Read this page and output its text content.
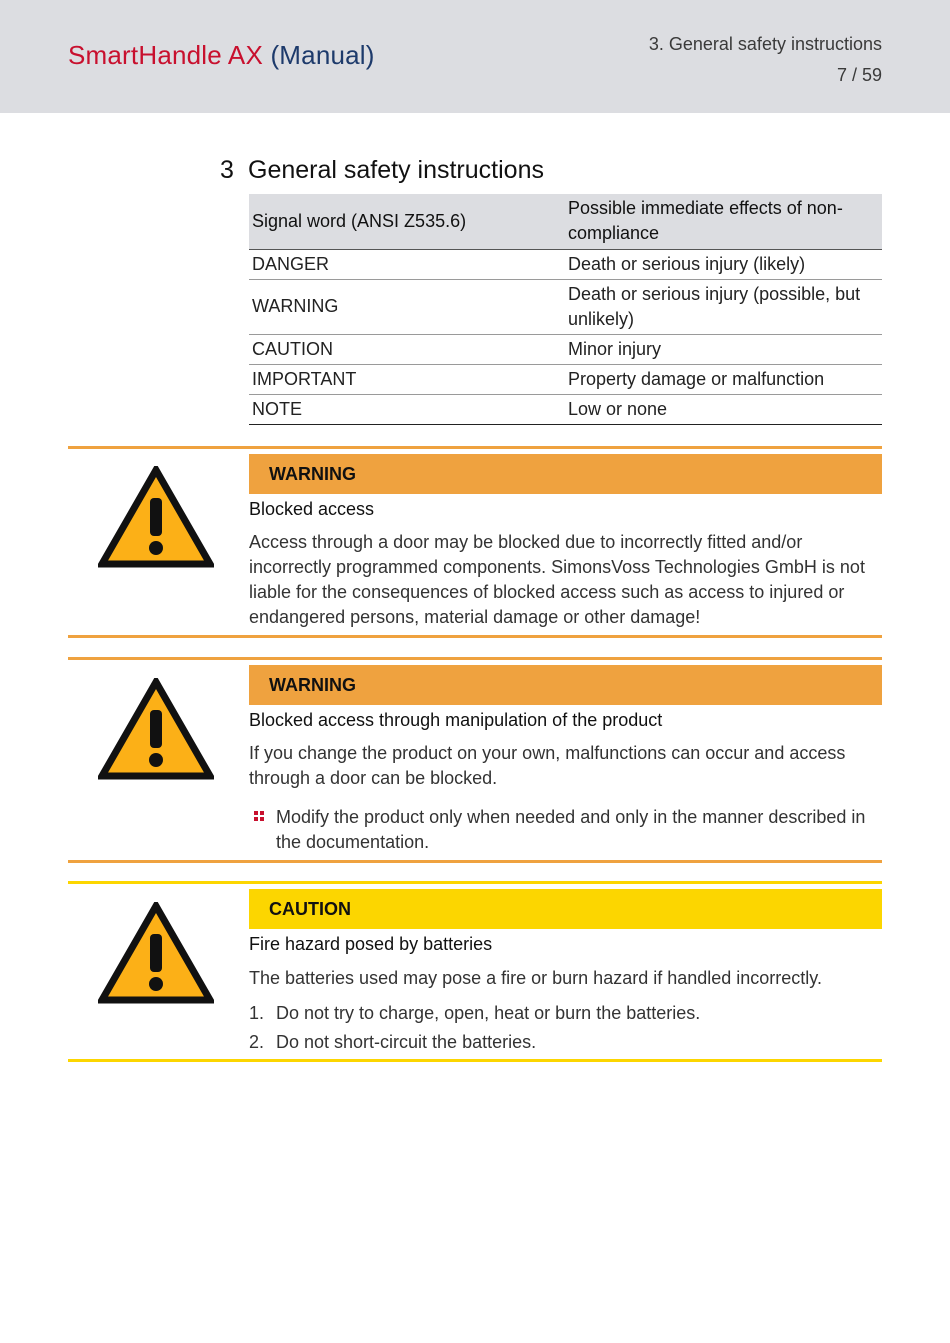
SmartHandle AX (Manual)	3. General safety instructions
7 / 59
3 General safety instructions
Signal word (ANSI Z535.6)	Possible immediate effects of non-compliance
DANGER	Death or serious injury (likely)
WARNING	Death or serious injury (possible, but unlikely)
CAUTION	Minor injury
IMPORTANT	Property damage or malfunction
NOTE	Low or none
WARNING
Blocked access
Access through a door may be blocked due to incorrectly fitted and/or incorrectly programmed components. SimonsVoss Technologies GmbH is not liable for the consequences of blocked access such as access to injured or endangered persons, material damage or other damage!
WARNING
Blocked access through manipulation of the product
If you change the product on your own, malfunctions can occur and access through a door can be blocked.
Modify the product only when needed and only in the manner described in the documentation.
CAUTION
Fire hazard posed by batteries
The batteries used may pose a fire or burn hazard if handled incorrectly.
1. Do not try to charge, open, heat or burn the batteries.
2. Do not short-circuit the batteries.
